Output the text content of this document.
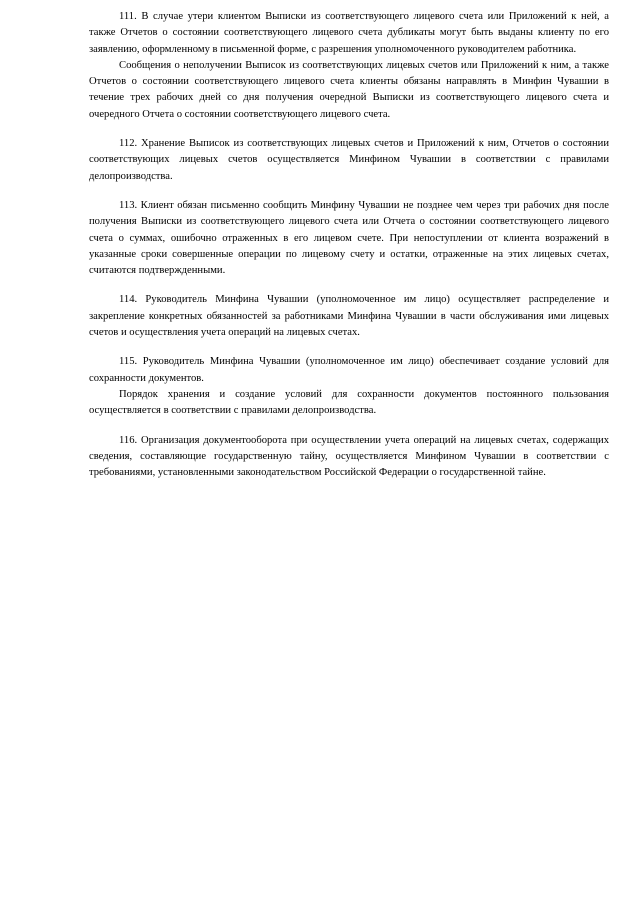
111. В случае утери клиентом Выписки из соответствующего лицевого счета или Приложений к ней, а также Отчетов о состоянии соответствующего лицевого счета дубликаты могут быть выданы клиенту по его заявлению, оформленному в письменной форме, с разрешения уполномоченного руководителем работника.

Сообщения о неполучении Выписок из соответствующих лицевых счетов или Приложений к ним, а также Отчетов о состоянии соответствующего лицевого счета клиенты обязаны направлять в Минфин Чувашии в течение трех рабочих дней со дня получения очередной Выписки из соответствующего лицевого счета и очередного Отчета о состоянии соответствующего лицевого счета.

112. Хранение Выписок из соответствующих лицевых счетов и Приложений к ним, Отчетов о состоянии соответствующих лицевых счетов осуществляется Минфином Чувашии в соответствии с правилами делопроизводства.

113. Клиент обязан письменно сообщить Минфину Чувашии не позднее чем через три рабочих дня после получения Выписки из соответствующего лицевого счета или Отчета о состоянии соответствующего лицевого счета о суммах, ошибочно отраженных в его лицевом счете. При непоступлении от клиента возражений в указанные сроки совершенные операции по лицевому счету и остатки, отраженные на этих лицевых счетах, считаются подтвержденными.

114. Руководитель Минфина Чувашии (уполномоченное им лицо) осуществляет распределение и закрепление конкретных обязанностей за работниками Минфина Чувашии в части обслуживания ими лицевых счетов и осуществления учета операций на лицевых счетах.

115. Руководитель Минфина Чувашии (уполномоченное им лицо) обеспечивает создание условий для сохранности документов.

Порядок хранения и создание условий для сохранности документов постоянного пользования осуществляется в соответствии с правилами делопроизводства.

116. Организация документооборота при осуществлении учета операций на лицевых счетах, содержащих сведения, составляющие государственную тайну, осуществляется Минфином Чувашии в соответствии с требованиями, установленными законодательством Российской Федерации о государственной тайне.
